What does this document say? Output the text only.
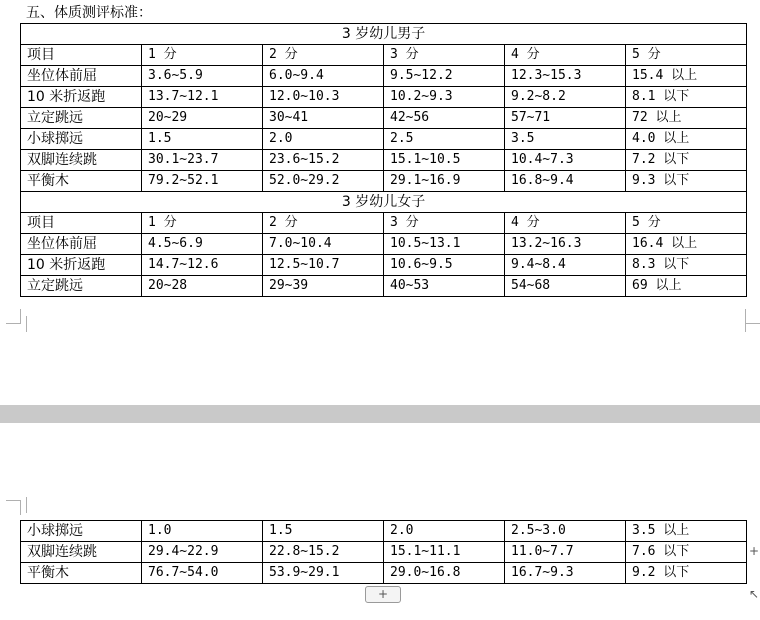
五、体质测评标准：
3 岁幼儿男子					
项目	1 分	2 分	3 分	4 分	5 分
坐位体前屈	3.6~5.9	6.0~9.4	9.5~12.2	12.3~15.3	15.4 以上
10 米折返跑	13.7~12.1	12.0~10.3	10.2~9.3	9.2~8.2	8.1 以下
立定跳远	20~29	30~41	42~56	57~71	72 以上
小球掷远	1.5	2.0	2.5	3.5	4.0 以上
双脚连续跳	30.1~23.7	23.6~15.2	15.1~10.5	10.4~7.3	7.2 以下
平衡木	79.2~52.1	52.0~29.2	29.1~16.9	16.8~9.4	9.3 以下
3 岁幼儿女子					
项目	1 分	2 分	3 分	4 分	5 分
坐位体前屈	4.5~6.9	7.0~10.4	10.5~13.1	13.2~16.3	16.4 以上
10 米折返跑	14.7~12.6	12.5~10.7	10.6~9.5	9.4~8.4	8.3 以下
立定跳远	20~28	29~39	40~53	54~68	69 以上
小球掷远	1.0	1.5	2.0	2.5~3.0	3.5 以上
双脚连续跳	29.4~22.9	22.8~15.2	15.1~11.1	11.0~7.7	7.6 以下
平衡木	76.7~54.0	53.9~29.1	29.0~16.8	16.7~9.3	9.2 以下
+
+
↖
